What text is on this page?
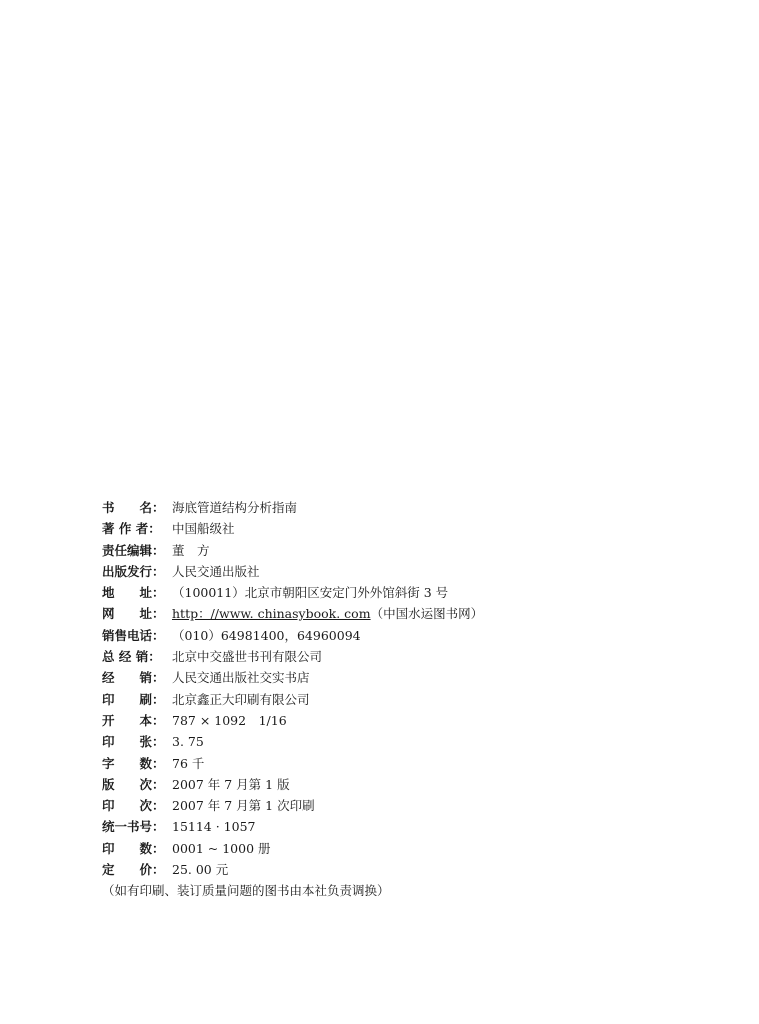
书　　名： 海底管道结构分析指南
著 作 者： 中国船级社
责任编辑： 董　方
出版发行： 人民交通出版社
地　　址： （100011）北京市朝阳区安定门外外馆斜街 3 号
网　　址： http：//www. chinasybook. com （中国水运图书网）
销售电话： （010）64981400，64960094
总 经 销： 北京中交盛世书刊有限公司
经　　销： 人民交通出版社交实书店
印　　刷： 北京鑫正大印刷有限公司
开　　本： 787 × 1092　1/16
印　　张： 3. 75
字　　数： 76 千
版　　次： 2007 年 7 月第 1 版
印　　次： 2007 年 7 月第 1 次印刷
统一书号： 15114 · 1057
印　　数： 0001 ~ 1000 册
定　　价： 25. 00 元
（如有印刷、装订质量问题的图书由本社负责调换）
